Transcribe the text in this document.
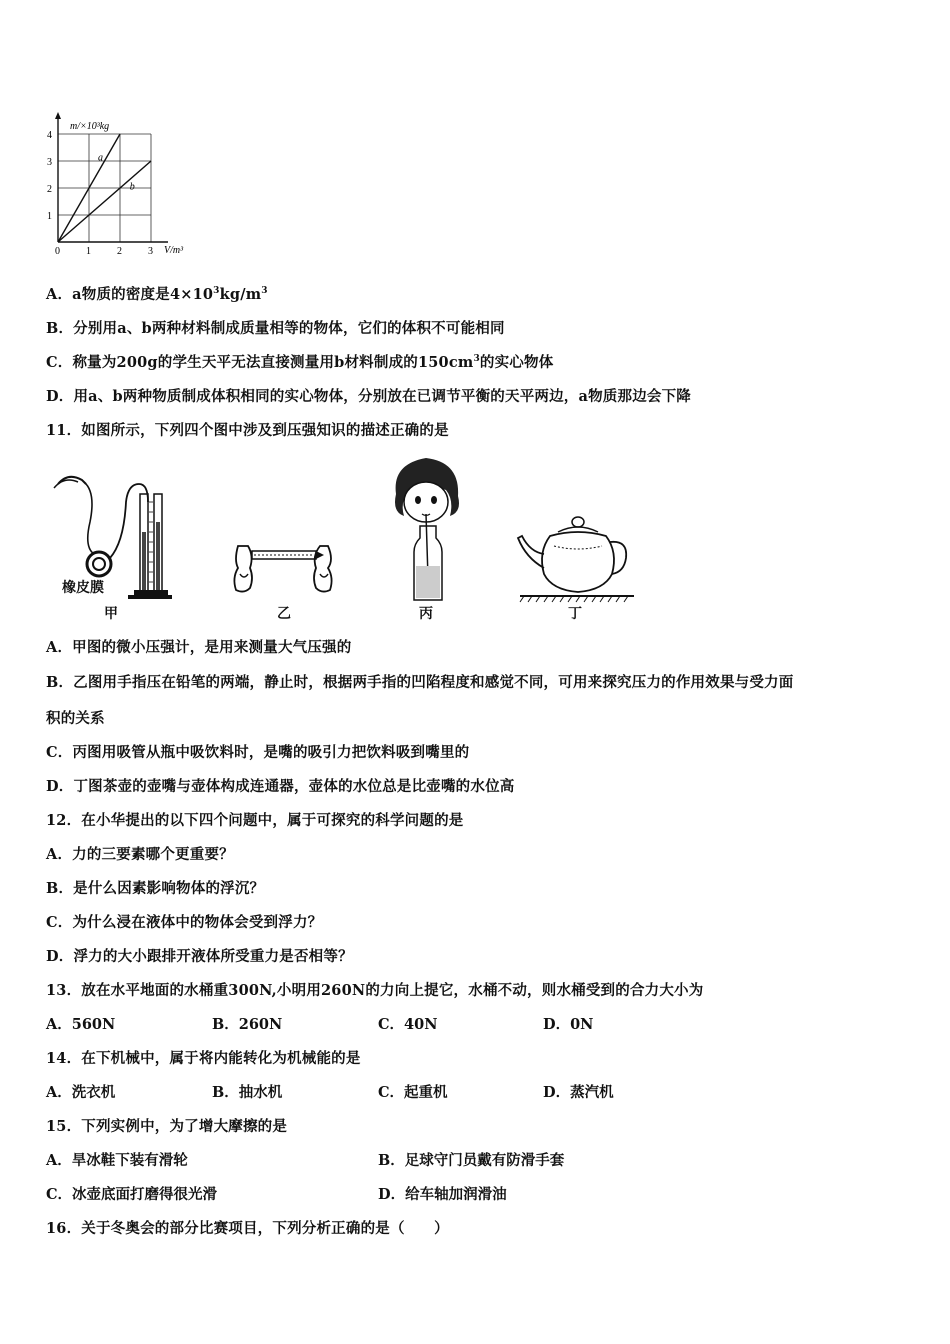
m/×10³kg
V/m³
1
2
3
4
0	1	2	3
a
b
A．a物质的密度是$4\times 10^3kg/m^3$
B．分别用a、b两种材料制成质量相等的物体，它们的体积不可能相同
C．称量为200g的学生天平无法直接测量用b材料制成的$150cm^3$的实心物体
D．用a、b两种物质制成体积相同的实心物体，分别放在已调节平衡的天平两边，a物质那边会下降
11．如图所示，下列四个图中涉及到压强知识的描述正确的是
橡皮膜
甲	乙	丙	丁
A．甲图的微小压强计，是用来测量大气压强的
B．乙图用手指压在铅笔的两端，静止时，根据两手指的凹陷程度和感觉不同，可用来探究压力的作用效果与受力面
积的关系
C．丙图用吸管从瓶中吸饮料时，是嘴的吸引力把饮料吸到嘴里的
D．丁图茶壶的壶嘴与壶体构成连通器，壶体的水位总是比壶嘴的水位高
12．在小华提出的以下四个问题中，属于可探究的科学问题的是
A．力的三要素哪个更重要？
B．是什么因素影响物体的浮沉？
C．为什么浸在液体中的物体会受到浮力？
D．浮力的大小跟排开液体所受重力是否相等？
13．放在水平地面的水桶重300N,小明用260N的力向上提它，水桶不动，则水桶受到的合力大小为
A．560N	B．260N	C．40N	D．0N
14．在下机械中，属于将内能转化为机械能的是
A．洗衣机	B．抽水机	C．起重机	D．蒸汽机
15．下列实例中，为了增大摩擦的是
A．旱冰鞋下装有滑轮	B．足球守门员戴有防滑手套
C．冰壶底面打磨得很光滑	D．给车轴加润滑油
16．关于冬奥会的部分比赛项目，下列分析正确的是（　　）
